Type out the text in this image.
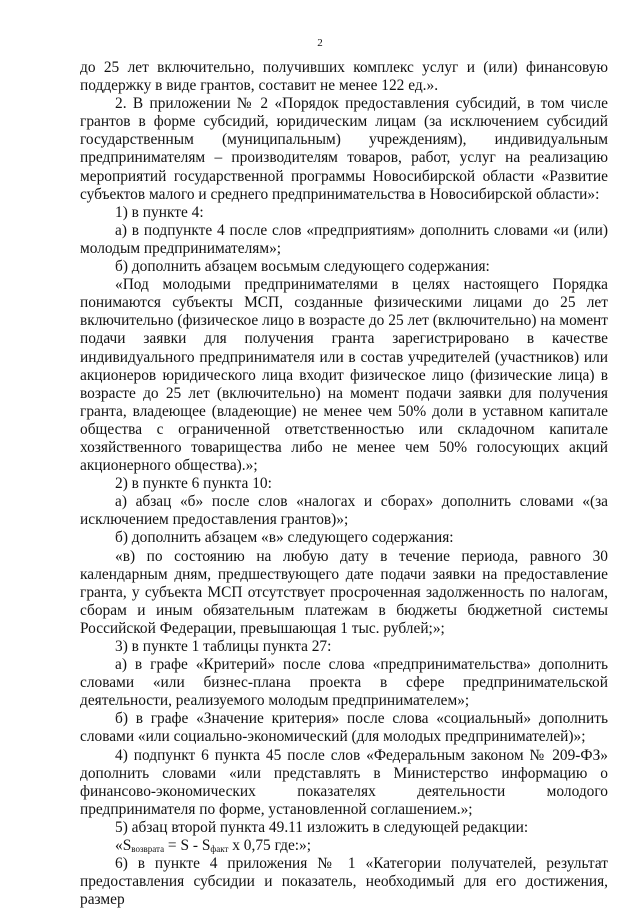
2

до 25 лет включительно, получивших комплекс услуг и (или) финансовую поддержку в виде грантов, составит не менее 122 ед.».

2. В приложении № 2 «Порядок предоставления субсидий, в том числе грантов в форме субсидий, юридическим лицам (за исключением субсидий государственным (муниципальным) учреждениям), индивидуальным предпринимателям – производителям товаров, работ, услуг на реализацию мероприятий государственной программы Новосибирской области «Развитие субъектов малого и среднего предпринимательства в Новосибирской области»:

1) в пункте 4:

а) в подпункте 4 после слов «предприятиям» дополнить словами «и (или) молодым предпринимателям»;

б) дополнить абзацем восьмым следующего содержания:

«Под молодыми предпринимателями в целях настоящего Порядка понимаются субъекты МСП, созданные физическими лицами до 25 лет включительно (физическое лицо в возрасте до 25 лет (включительно) на момент подачи заявки для получения гранта зарегистрировано в качестве индивидуального предпринимателя или в состав учредителей (участников) или акционеров юридического лица входит физическое лицо (физические лица) в возрасте до 25 лет (включительно) на момент подачи заявки для получения гранта, владеющее (владеющие) не менее чем 50% доли в уставном капитале общества с ограниченной ответственностью или складочном капитале хозяйственного товарищества либо не менее чем 50% голосующих акций акционерного общества).»;

2) в пункте 6 пункта 10:

а) абзац «б» после слов «налогах и сборах» дополнить словами «(за исключением предоставления грантов)»;

б) дополнить абзацем «в» следующего содержания:

«в) по состоянию на любую дату в течение периода, равного 30 календарным дням, предшествующего дате подачи заявки на предоставление гранта, у субъекта МСП отсутствует просроченная задолженность по налогам, сборам и иным обязательным платежам в бюджеты бюджетной системы Российской Федерации, превышающая 1 тыс. рублей;»;

3) в пункте 1 таблицы пункта 27:

а) в графе «Критерий» после слова «предпринимательства» дополнить словами «или бизнес-плана проекта в сфере предпринимательской деятельности, реализуемого молодым предпринимателем»;

б) в графе «Значение критерия» после слова «социальный» дополнить словами «или социально-экономический (для молодых предпринимателей)»;

4) подпункт 6 пункта 45 после слов «Федеральным законом № 209-ФЗ» дополнить словами «или представлять в Министерство информацию о финансово-экономических показателях деятельности молодого предпринимателя по форме, установленной соглашением.»;

5) абзац второй пункта 49.11 изложить в следующей редакции:

«$S_{возврата} = S - S_{факт}$ х 0,75 где:»;

6) в пункте 4 приложения № 1 «Категории получателей, результат предоставления субсидии и показатель, необходимый для его достижения, размер
